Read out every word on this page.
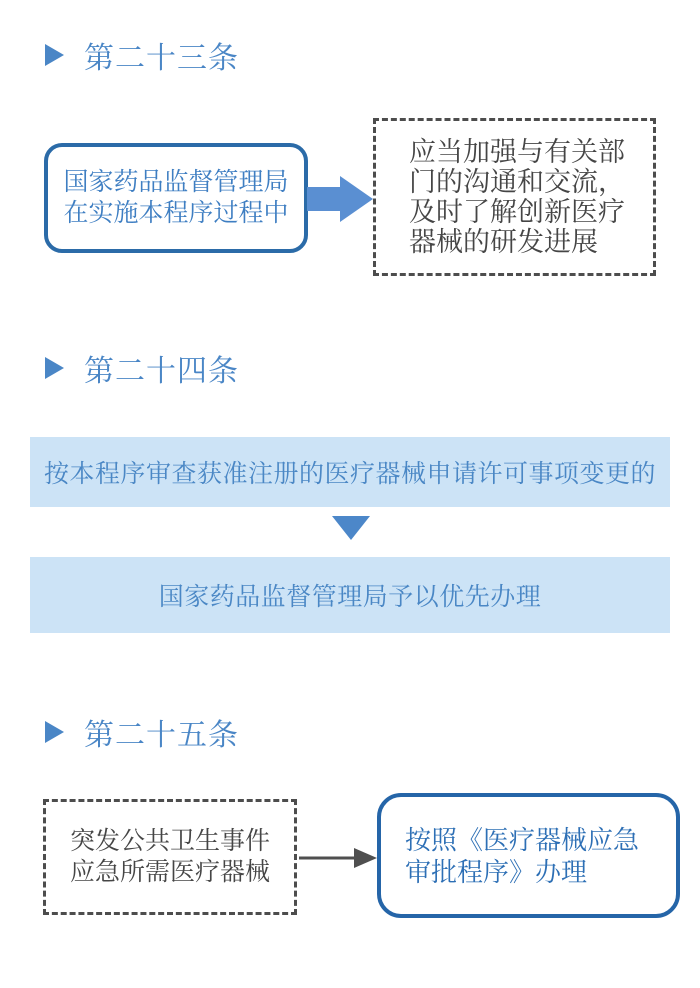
第二十三条
国家药品监督管理局
在实施本程序过程中
应当加强与有关部
门的沟通和交流，
及时了解创新医疗
器械的研发进展
第二十四条
按本程序审查获准注册的医疗器械申请许可事项变更的
国家药品监督管理局予以优先办理
第二十五条
突发公共卫生事件
应急所需医疗器械
按照《医疗器械应急
审批程序》办理
